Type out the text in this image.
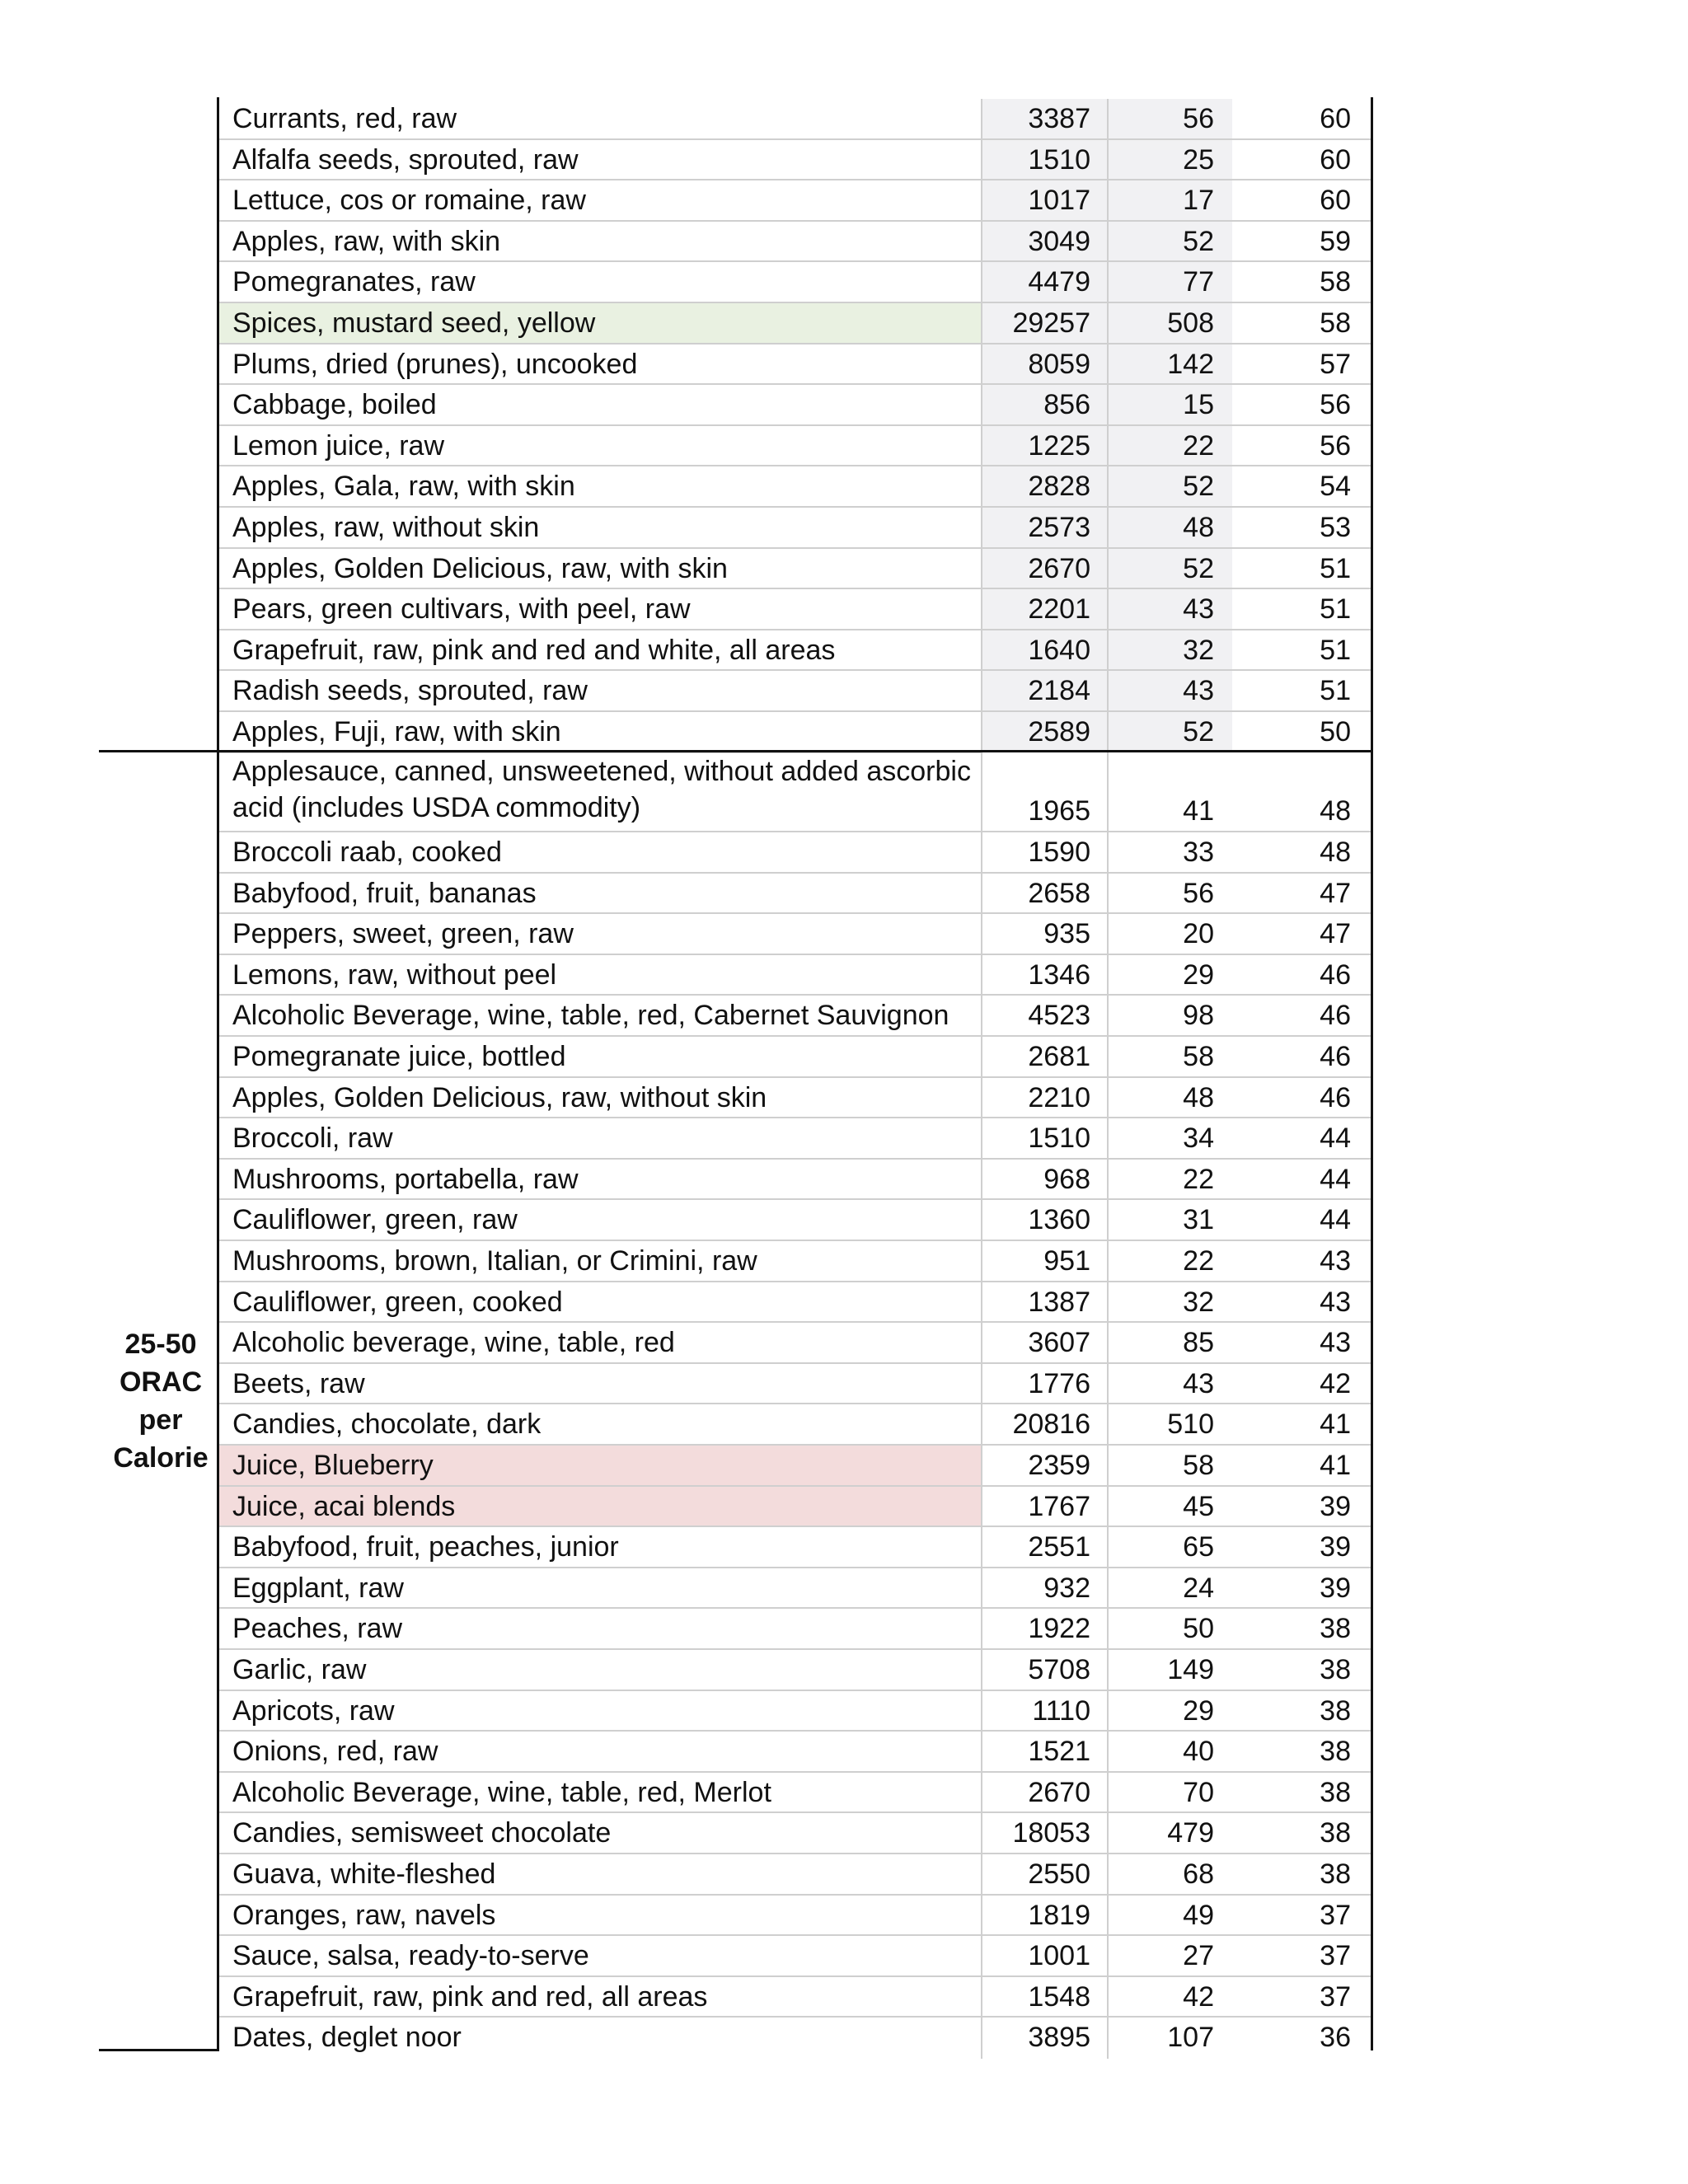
Currants, red, raw	3387	56	60
Alfalfa seeds, sprouted, raw	1510	25	60
Lettuce, cos or romaine, raw	1017	17	60
Apples, raw, with skin	3049	52	59
Pomegranates, raw	4479	77	58
Spices, mustard seed, yellow	29257	508	58
Plums, dried (prunes), uncooked	8059	142	57
Cabbage, boiled	856	15	56
Lemon juice, raw	1225	22	56
Apples, Gala, raw, with skin	2828	52	54
Apples, raw, without skin	2573	48	53
Apples, Golden Delicious, raw, with skin	2670	52	51
Pears, green cultivars, with peel, raw	2201	43	51
Grapefruit, raw, pink and red and white, all areas	1640	32	51
Radish seeds, sprouted, raw	2184	43	51
Apples, Fuji, raw, with skin	2589	52	50
Applesauce, canned, unsweetened, without added ascorbic acid (includes USDA commodity)	1965	41	48
Broccoli raab, cooked	1590	33	48
Babyfood, fruit, bananas	2658	56	47
Peppers, sweet, green, raw	935	20	47
Lemons, raw, without peel	1346	29	46
Alcoholic Beverage, wine, table, red, Cabernet Sauvignon	4523	98	46
Pomegranate juice, bottled	2681	58	46
Apples, Golden Delicious, raw, without skin	2210	48	46
Broccoli, raw	1510	34	44
Mushrooms, portabella, raw	968	22	44
Cauliflower, green, raw	1360	31	44
Mushrooms, brown, Italian, or Crimini, raw	951	22	43
Cauliflower, green, cooked	1387	32	43
Alcoholic beverage, wine, table, red	3607	85	43
Beets, raw	1776	43	42
Candies, chocolate, dark	20816	510	41
Juice, Blueberry	2359	58	41
Juice, acai blends	1767	45	39
Babyfood, fruit, peaches, junior	2551	65	39
Eggplant, raw	932	24	39
Peaches, raw	1922	50	38
Garlic, raw	5708	149	38
Apricots, raw	1110	29	38
Onions, red, raw	1521	40	38
Alcoholic Beverage, wine, table, red, Merlot	2670	70	38
Candies, semisweet chocolate	18053	479	38
Guava, white-fleshed	2550	68	38
Oranges, raw, navels	1819	49	37
Sauce, salsa, ready-to-serve	1001	27	37
Grapefruit, raw, pink and red, all areas	1548	42	37
Dates, deglet noor	3895	107	36
25-50
ORAC
per
Calorie
